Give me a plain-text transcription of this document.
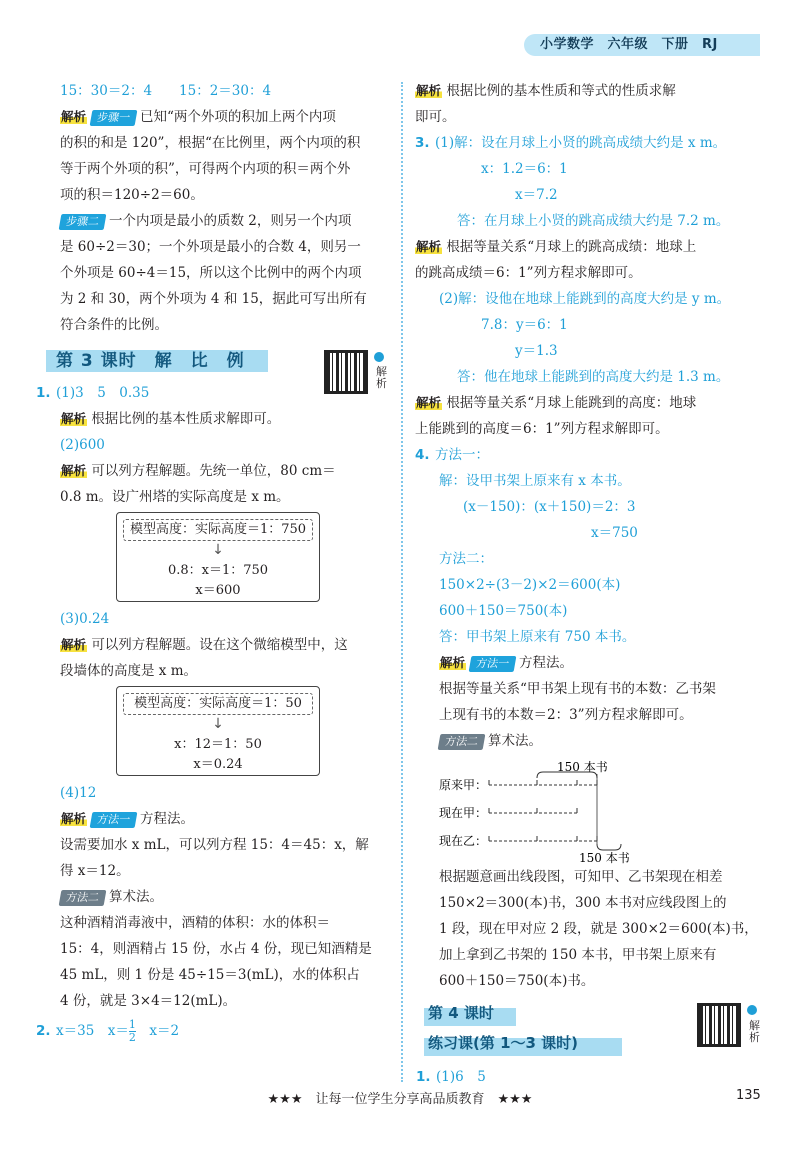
小学数学　六年级　下册　RJ
15：30＝2：4　　15：2＝30：4
解析 步骤一 已知“两个外项的积加上两个内项
的积的和是 120”，根据“在比例里，两个内项的积
等于两个外项的积”，可得两个内项的积＝两个外
项的积＝120÷2＝60。
步骤二 一个内项是最小的质数 2，则另一个内项
是 60÷2＝30；一个外项是最小的合数 4，则另一
个外项是 60÷4＝15，所以这个比例中的两个内项
为 2 和 30，两个外项为 4 和 15，据此可写出所有
符合条件的比例。
第 3 课时　解　比　例
1. (1)3　5　0.35
解析 根据比例的基本性质求解即可。
(2)600
解析 可以列方程解题。先统一单位，80 cm＝
0.8 m。设广州塔的实际高度是 x m。
模型高度：实际高度＝1：750
↓
0.8：x＝1：750
x＝600
(3)0.24
解析 可以列方程解题。设在这个微缩模型中，这
段墙体的高度是 x m。
模型高度：实际高度＝1：50
↓
x：12＝1：50
x＝0.24
(4)12
解析 方法一 方程法。
设需要加水 x mL，可以列方程 15：4＝45：x，解
得 x＝12。
方法二 算术法。
这种酒精消毒液中，酒精的体积：水的体积＝
15：4，则酒精占 15 份，水占 4 份，现已知酒精是
45 mL，则 1 份是 45÷15＝3(mL)，水的体积占
4 份，就是 3×4＝12(mL)。
2. x＝35　$x= \frac{1}{2}$ 　x＝2
解析
解析 根据比例的基本性质和等式的性质求解
即可。
3. (1)解：设在月球上小贤的跳高成绩大约是 x m。
x：1.2＝6：1
x＝7.2
答：在月球上小贤的跳高成绩大约是 7.2 m。
解析 根据等量关系“月球上的跳高成绩：地球上
的跳高成绩＝6：1”列方程求解即可。
(2)解：设他在地球上能跳到的高度大约是 y m。
7.8：y＝6：1
y＝1.3
答：他在地球上能跳到的高度大约是 1.3 m。
解析 根据等量关系“月球上能跳到的高度：地球
上能跳到的高度＝6：1”列方程求解即可。
4. 方法一：
解：设甲书架上原来有 x 本书。
(x－150)：(x＋150)＝2：3
x＝750
方法二：
150×2÷(3－2)×2＝600(本)
600＋150＝750(本)
答：甲书架上原来有 750 本书。
解析 方法一 方程法。
根据等量关系“甲书架上现有书的本数：乙书架
上现有书的本数＝2：3”列方程求解即可。
方法二 算术法。
150 本书
原来甲：
现在甲：
现在乙：
150 本书
根据题意画出线段图，可知甲、乙书架现在相差
150×2＝300(本)书，300 本书对应线段图上的
1 段，现在甲对应 2 段，就是 300×2＝600(本)书，
加上拿到乙书架的 150 本书，甲书架上原来有
600＋150＝750(本)书。
第 4 课时
练习课(第 1～3 课时)
解析
1. (1)6　5
★★★　让每一位学生分享高品质教育　★★★	135
